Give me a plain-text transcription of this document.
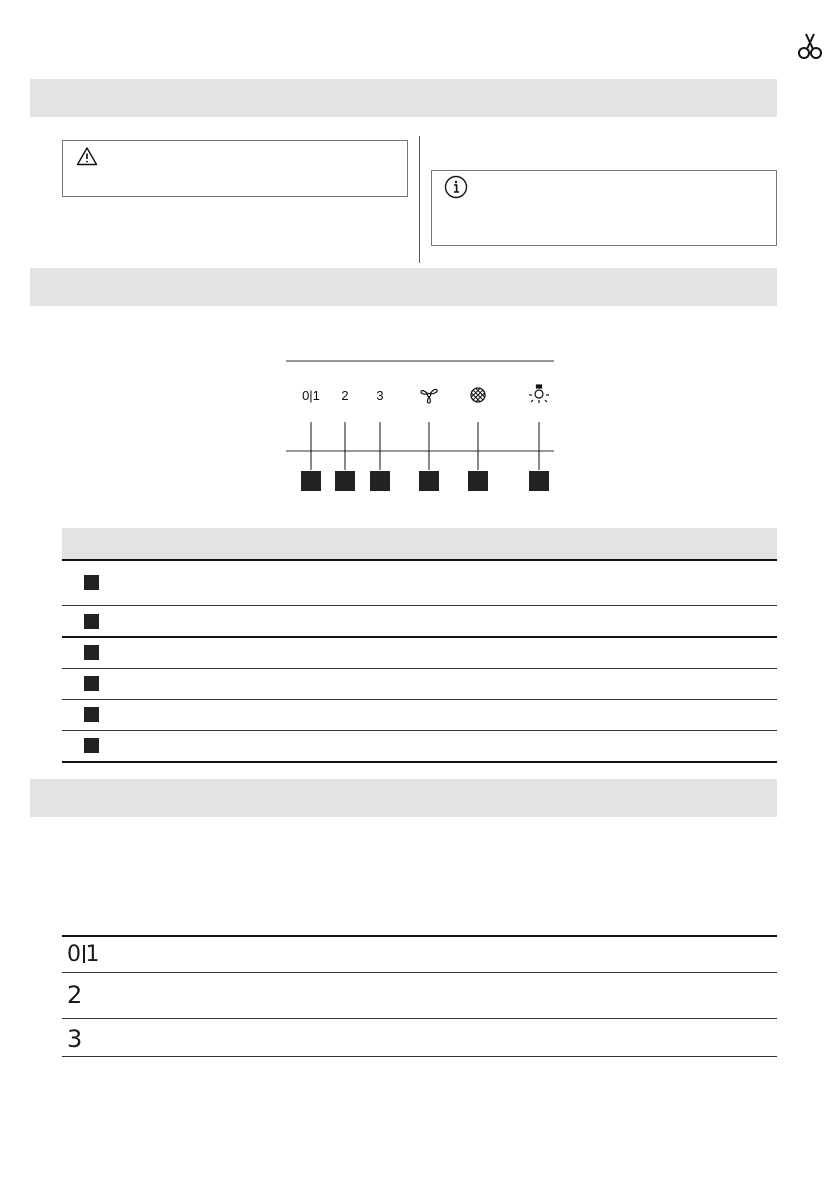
0|1 2 3
0 1
2
3
